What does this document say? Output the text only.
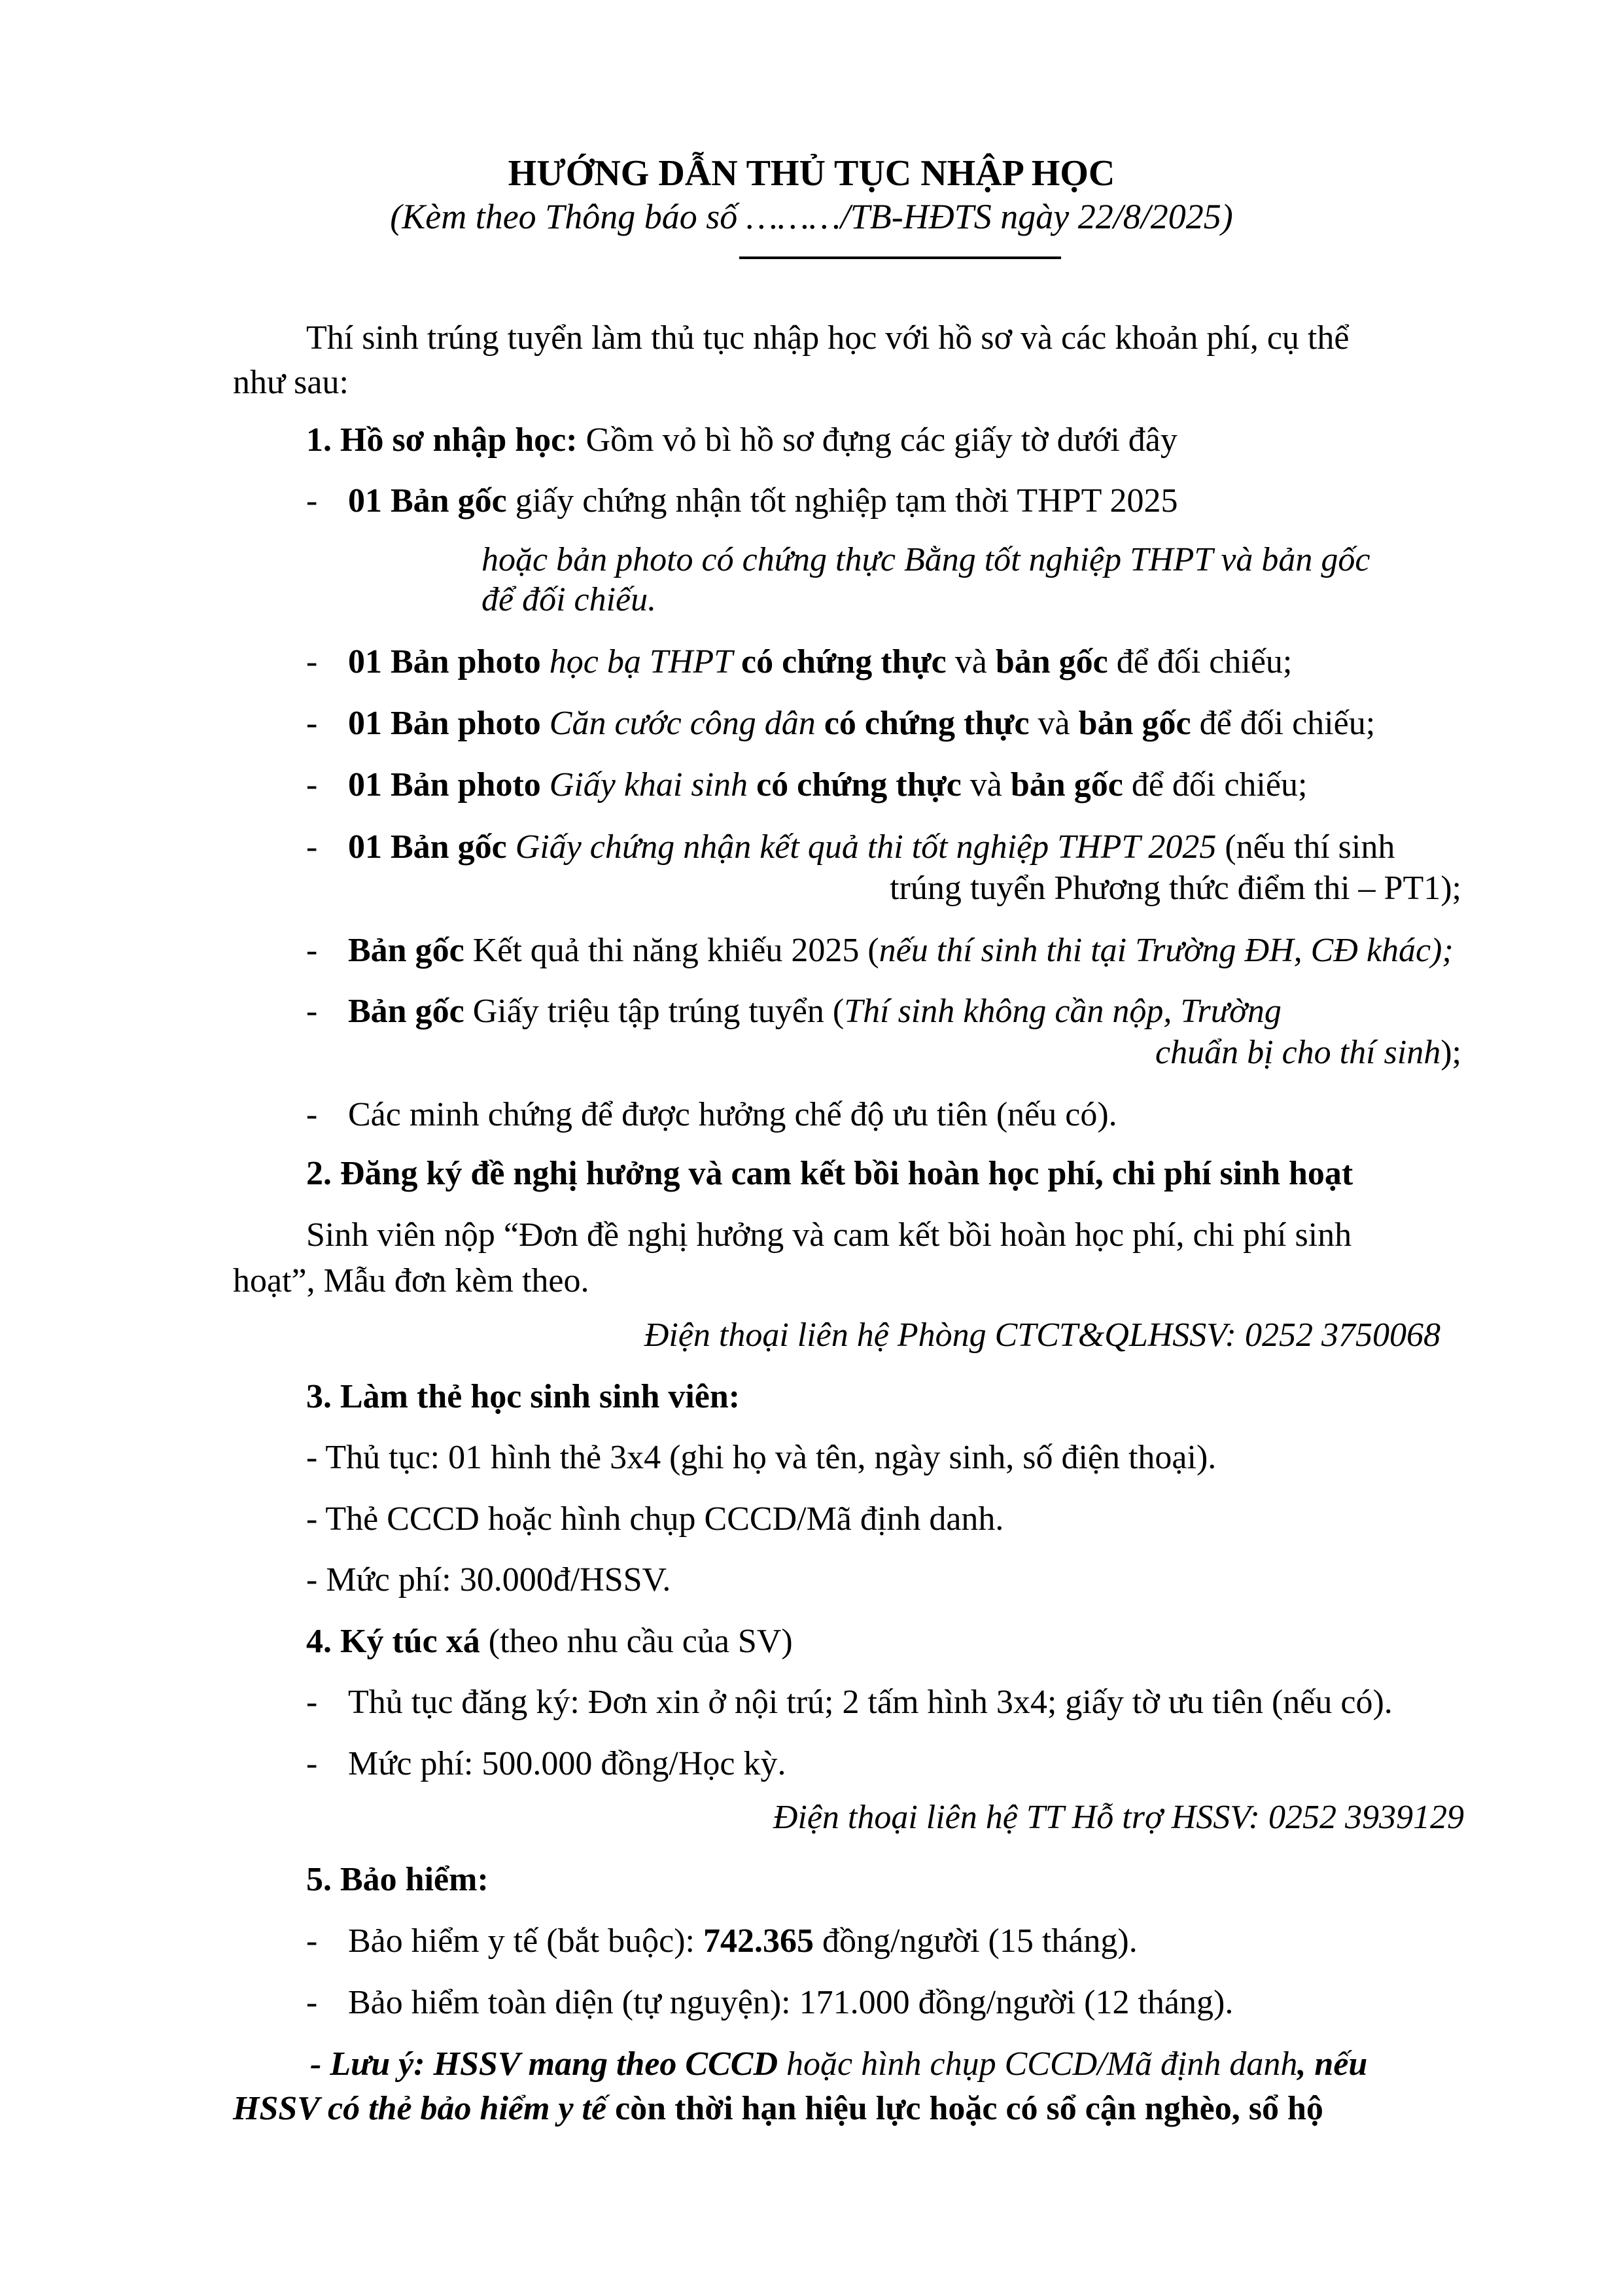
HƯỚNG DẪN THỦ TỤC NHẬP HỌC
(Kèm theo Thông báo số ………/TB-HĐTS ngày 22/8/2025)
Thí sinh trúng tuyển làm thủ tục nhập học với hồ sơ và các khoản phí, cụ thể
như sau:
1. Hồ sơ nhập học: Gồm vỏ bì hồ sơ đựng các giấy tờ dưới đây
- 01 Bản gốc giấy chứng nhận tốt nghiệp tạm thời THPT 2025
hoặc bản photo có chứng thực Bằng tốt nghiệp THPT và bản gốc
để đối chiếu.
- 01 Bản photo học bạ THPT có chứng thực và bản gốc để đối chiếu;
- 01 Bản photo Căn cước công dân có chứng thực và bản gốc để đối chiếu;
- 01 Bản photo Giấy khai sinh có chứng thực và bản gốc để đối chiếu;
- 01 Bản gốc Giấy chứng nhận kết quả thi tốt nghiệp THPT 2025 (nếu thí sinh
trúng tuyển Phương thức điểm thi – PT1);
- Bản gốc Kết quả thi năng khiếu 2025 (nếu thí sinh thi tại Trường ĐH, CĐ khác);
- Bản gốc Giấy triệu tập trúng tuyển (Thí sinh không cần nộp, Trường
chuẩn bị cho thí sinh);
- Các minh chứng để được hưởng chế độ ưu tiên (nếu có).
2. Đăng ký đề nghị hưởng và cam kết bồi hoàn học phí, chi phí sinh hoạt
Sinh viên nộp “Đơn đề nghị hưởng và cam kết bồi hoàn học phí, chi phí sinh
hoạt”, Mẫu đơn kèm theo.
Điện thoại liên hệ Phòng CTCT&QLHSSV: 0252 3750068
3. Làm thẻ học sinh sinh viên:
- Thủ tục: 01 hình thẻ 3x4 (ghi họ và tên, ngày sinh, số điện thoại).
- Thẻ CCCD hoặc hình chụp CCCD/Mã định danh.
- Mức phí: 30.000đ/HSSV.
4. Ký túc xá (theo nhu cầu của SV)
- Thủ tục đăng ký: Đơn xin ở nội trú; 2 tấm hình 3x4; giấy tờ ưu tiên (nếu có).
- Mức phí: 500.000 đồng/Học kỳ.
Điện thoại liên hệ TT Hỗ trợ HSSV: 0252 3939129
5. Bảo hiểm:
- Bảo hiểm y tế (bắt buộc): 742.365 đồng/người (15 tháng).
- Bảo hiểm toàn diện (tự nguyện): 171.000 đồng/người (12 tháng).
- Lưu ý: HSSV mang theo CCCD hoặc hình chụp CCCD/Mã định danh, nếu
HSSV có thẻ bảo hiểm y tế còn thời hạn hiệu lực hoặc có sổ cận nghèo, sổ hộ
